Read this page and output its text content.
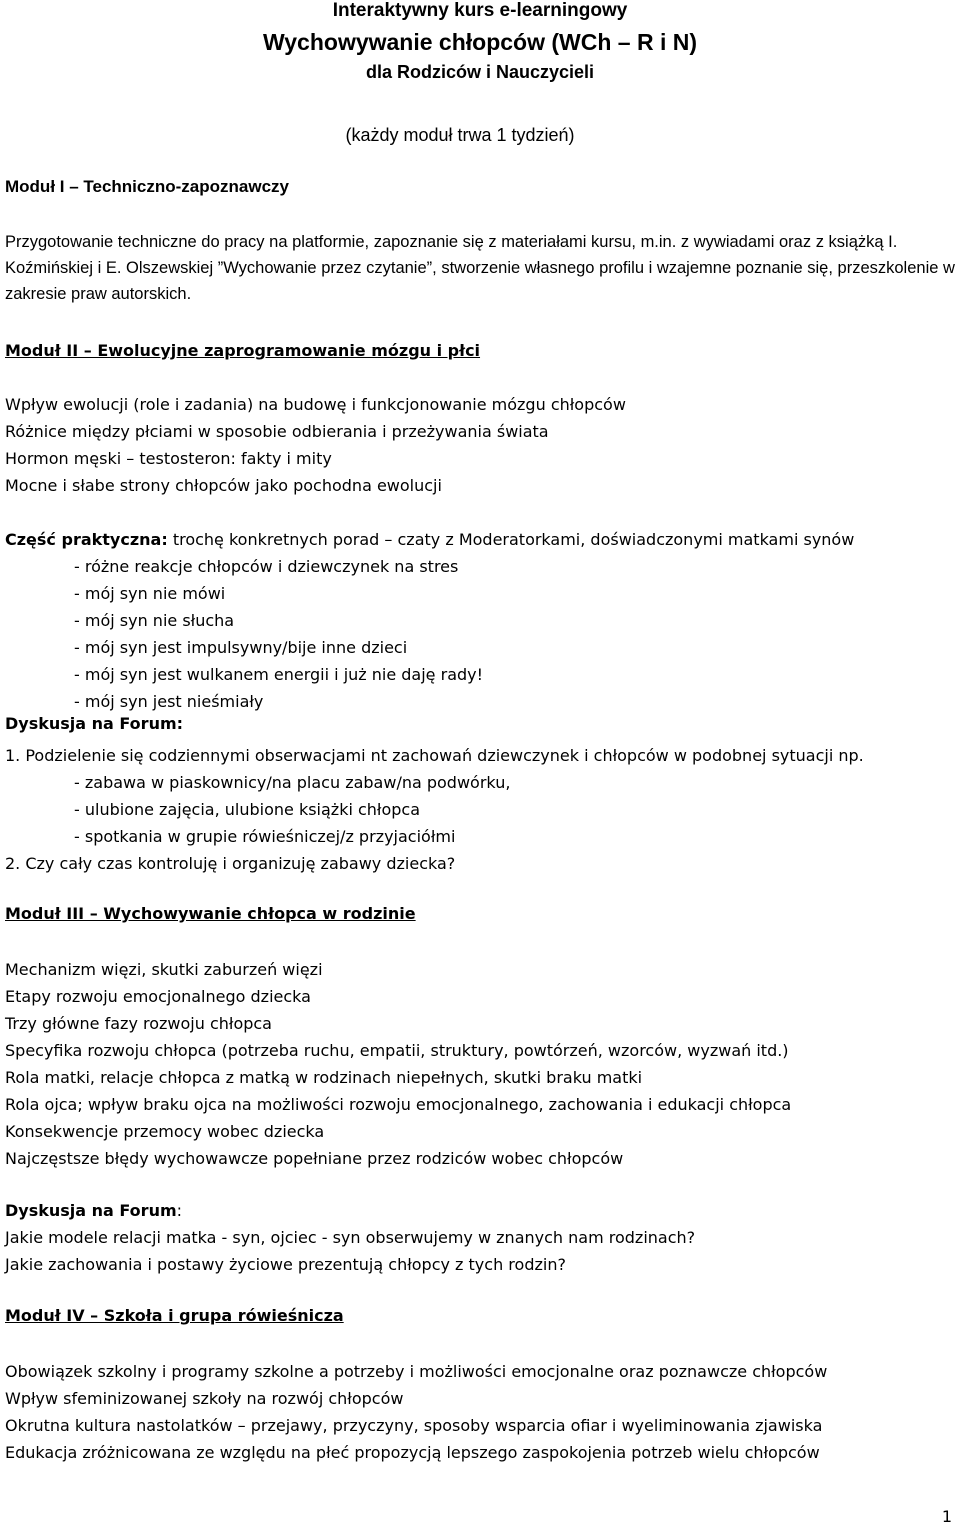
Interaktywny kurs e-learningowy
Wychowywanie chłopców (WCh – R i N)
dla Rodziców i Nauczycieli
(każdy moduł trwa 1 tydzień)
Moduł I – Techniczno-zapoznawczy
Przygotowanie techniczne do pracy na platformie, zapoznanie się z materiałami kursu, m.in. z wywiadami oraz z książką I. Koźmińskiej i E. Olszewskiej ”Wychowanie przez czytanie”, stworzenie własnego profilu i wzajemne poznanie się, przeszkolenie w zakresie praw autorskich.
Moduł II – Ewolucyjne zaprogramowanie mózgu i płci
Wpływ ewolucji (role i zadania) na budowę i funkcjonowanie mózgu chłopców
Różnice między płciami w sposobie odbierania i przeżywania świata
Hormon męski – testosteron: fakty i mity
Mocne i słabe strony chłopców jako pochodna ewolucji
Część praktyczna: trochę konkretnych porad – czaty z Moderatorkami, doświadczonymi matkami synów
- różne reakcje chłopców i dziewczynek na stres
- mój syn nie mówi
- mój syn nie słucha
- mój syn jest impulsywny/bije inne dzieci
- mój syn jest wulkanem energii i już nie daję rady!
- mój syn jest nieśmiały
Dyskusja na Forum:
1. Podzielenie się codziennymi obserwacjami nt zachowań dziewczynek i chłopców w podobnej sytuacji np.
- zabawa w piaskownicy/na placu zabaw/na podwórku,
- ulubione zajęcia, ulubione książki chłopca
- spotkania w grupie rówieśniczej/z przyjaciółmi
2. Czy cały czas kontroluję i organizuję zabawy dziecka?
Moduł III – Wychowywanie chłopca w rodzinie
Mechanizm więzi, skutki zaburzeń więzi
Etapy rozwoju emocjonalnego dziecka
Trzy główne fazy rozwoju chłopca
Specyfika rozwoju chłopca (potrzeba ruchu, empatii, struktury, powtórzeń, wzorców, wyzwań itd.)
Rola matki, relacje chłopca z matką w rodzinach niepełnych, skutki braku matki
Rola ojca; wpływ braku ojca na możliwości rozwoju emocjonalnego, zachowania i edukacji chłopca
Konsekwencje przemocy wobec dziecka
Najczęstsze błędy wychowawcze popełniane przez rodziców wobec chłopców
Dyskusja na Forum:
Jakie modele relacji matka - syn, ojciec - syn obserwujemy w znanych nam rodzinach?
Jakie zachowania i postawy życiowe prezentują chłopcy z tych rodzin?
Moduł IV – Szkoła i grupa rówieśnicza
Obowiązek szkolny i programy szkolne a potrzeby i możliwości emocjonalne oraz poznawcze chłopców
Wpływ sfeminizowanej szkoły na rozwój chłopców
Okrutna kultura nastolatków – przejawy, przyczyny, sposoby wsparcia ofiar i wyeliminowania zjawiska
Edukacja zróżnicowana ze względu na płeć propozycją lepszego zaspokojenia potrzeb wielu chłopców
1
